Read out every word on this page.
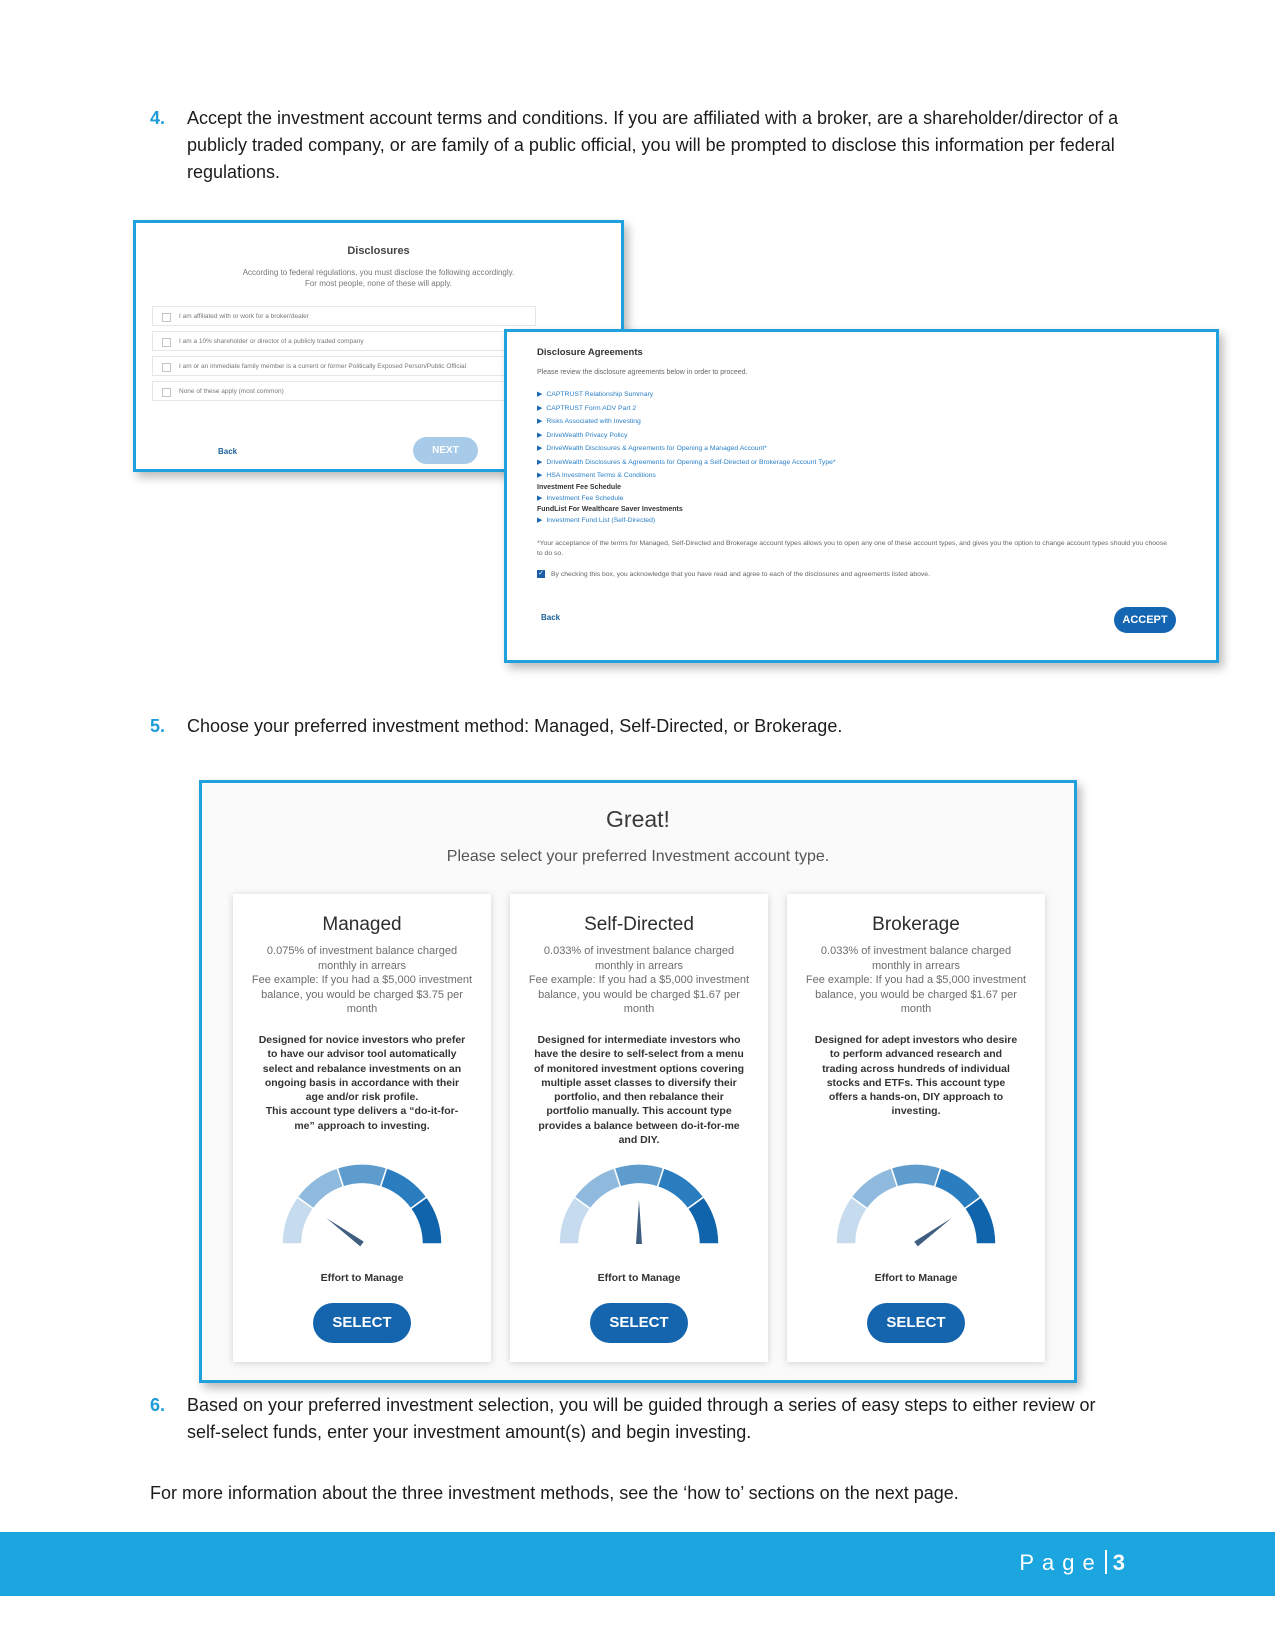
4. Accept the investment account terms and conditions. If you are affiliated with a broker, are a shareholder/director of a publicly traded company, or are family of a public official, you will be prompted to disclose this information per federal regulations.
Disclosures
According to federal regulations, you must disclose the following accordingly.
For most people, none of these will apply.
I am affiliated with or work for a broker/dealer
I am a 10% shareholder or director of a publicly traded company
I am or an immediate family member is a current or former Politically Exposed Person/Public Official
None of these apply (most common)
Back	NEXT
Disclosure Agreements
Please review the disclosure agreements below in order to proceed.
▶ CAPTRUST Relationship Summary
▶ CAPTRUST Form ADV Part 2
▶ Risks Associated with Investing
▶ DriveWealth Privacy Policy
▶ DriveWealth Disclosures & Agreements for Opening a Managed Account*
▶ DriveWealth Disclosures & Agreements for Opening a Self-Directed or Brokerage Account Type*
▶ HSA Investment Terms & Conditions
Investment Fee Schedule
▶ Investment Fee Schedule
FundList For Wealthcare Saver Investments
▶ Investment Fund List (Self-Directed)
*Your acceptance of the terms for Managed, Self-Directed and Brokerage account types allows you to open any one of these account types, and gives you the option to change account types should you choose to do so.
✓ By checking this box, you acknowledge that you have read and agree to each of the disclosures and agreements listed above.
Back	ACCEPT
5. Choose your preferred investment method: Managed, Self-Directed, or Brokerage.
Great!
Please select your preferred Investment account type.
Managed
0.075% of investment balance charged monthly in arrears
Fee example: If you had a $5,000 investment balance, you would be charged $3.75 per month
Designed for novice investors who prefer to have our advisor tool automatically select and rebalance investments on an ongoing basis in accordance with their age and/or risk profile.
This account type delivers a “do-it-for-me” approach to investing.
Effort to Manage
SELECT
Self-Directed
0.033% of investment balance charged monthly in arrears
Fee example: If you had a $5,000 investment balance, you would be charged $1.67 per month
Designed for intermediate investors who have the desire to self-select from a menu of monitored investment options covering multiple asset classes to diversify their portfolio, and then rebalance their portfolio manually. This account type provides a balance between do-it-for-me and DIY.
Effort to Manage
SELECT
Brokerage
0.033% of investment balance charged monthly in arrears
Fee example: If you had a $5,000 investment balance, you would be charged $1.67 per month
Designed for adept investors who desire to perform advanced research and trading across hundreds of individual stocks and ETFs. This account type offers a hands-on, DIY approach to investing.
Effort to Manage
SELECT
6. Based on your preferred investment selection, you will be guided through a series of easy steps to either review or self-select funds, enter your investment amount(s) and begin investing.
For more information about the three investment methods, see the ‘how to’ sections on the next page.
Page 3
